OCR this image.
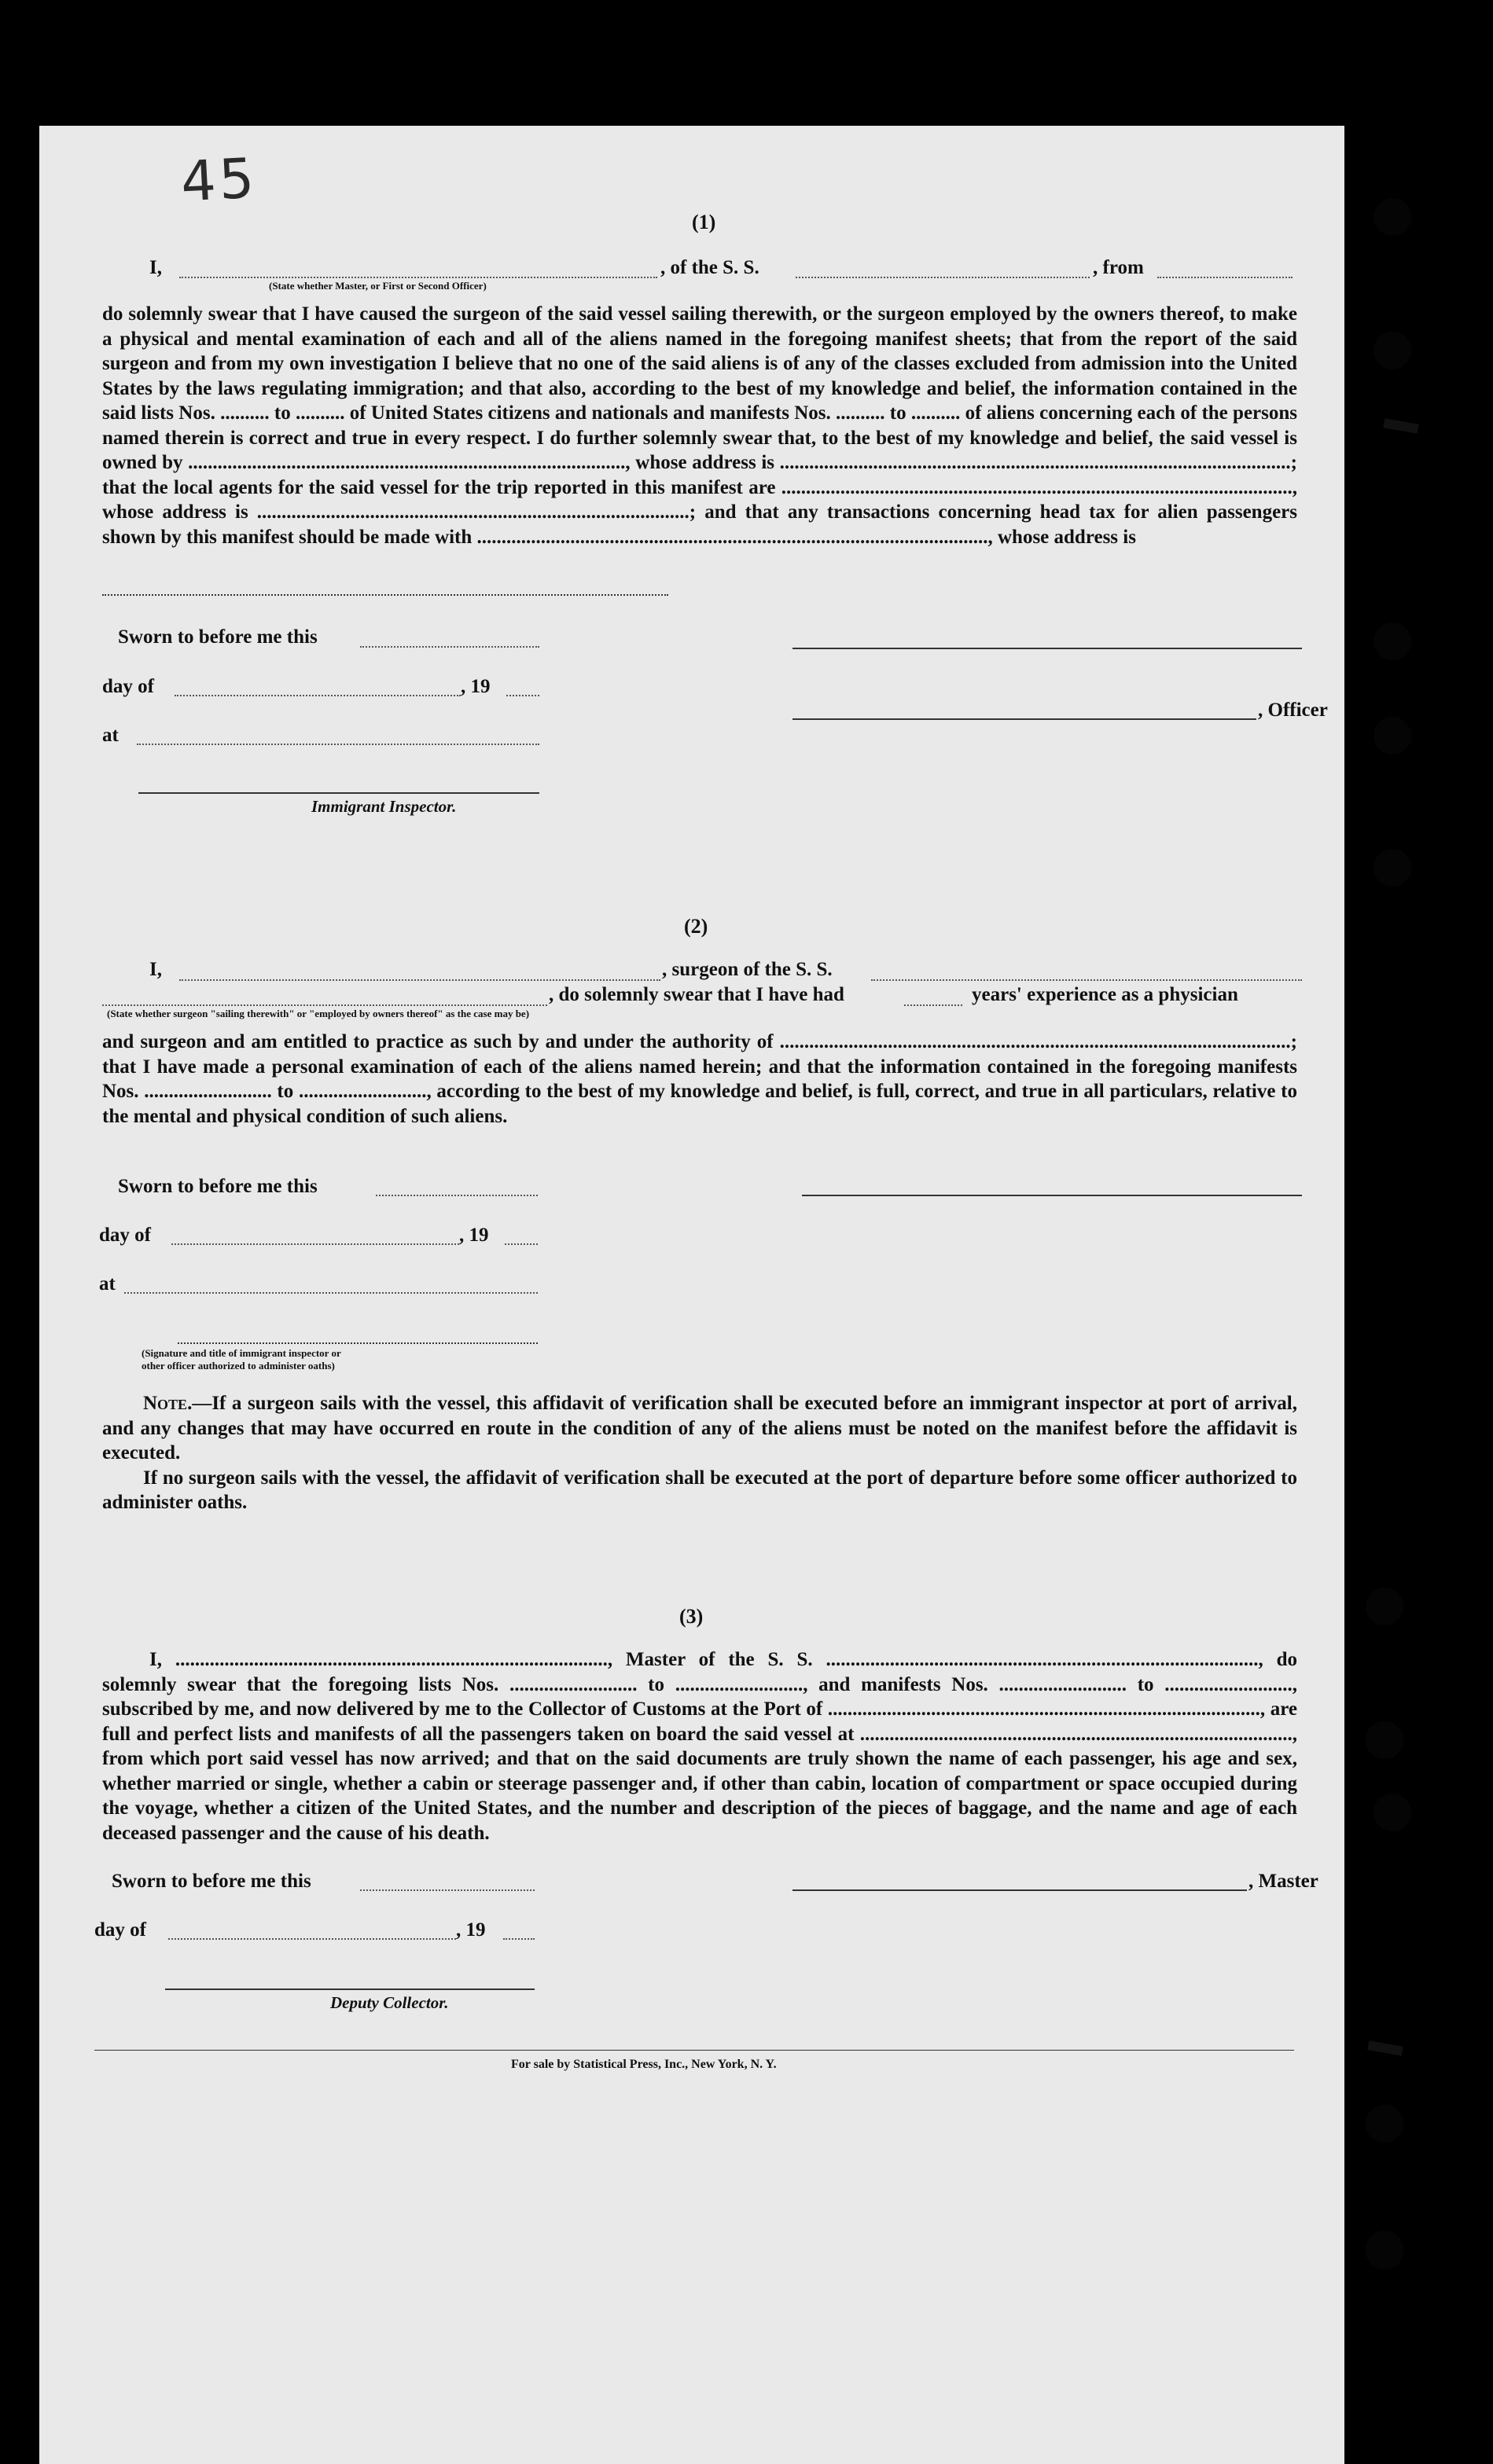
45
(1)
I,	, of the S. S.	, from
(State whether Master, or First or Second Officer)

do solemnly swear that I have caused the surgeon of the said vessel sailing therewith, or the surgeon employed by the owners thereof, to make a physical and mental examination of each and all of the aliens named in the foregoing manifest sheets; that from the report of the said surgeon and from my own investigation I believe that no one of the said aliens is of any of the classes excluded from admission into the United States by the laws regulating immigration; and that also, according to the best of my knowledge and belief, the information contained in the said lists Nos. .......... to .......... of United States citizens and nationals and manifests Nos. .......... to .......... of aliens concerning each of the persons named therein is correct and true in every respect. I do further solemnly swear that, to the best of my knowledge and belief, the said vessel is owned by ........................................................................................., whose address is ........................................................................................................; that the local agents for the said vessel for the trip reported in this manifest are ........................................................................................................, whose address is ........................................................................................; and that any transactions concerning head tax for alien passengers shown by this manifest should be made with ........................................................................................................, whose address is

Sworn to before me this
day of	, 19
, Officer
at
Immigrant Inspector.
(2)
I,	, surgeon of the S. S.
, do solemnly swear that I have had	years' experience as a physician
(State whether surgeon "sailing therewith" or "employed by owners thereof" as the case may be)

and surgeon and am entitled to practice as such by and under the authority of ........................................................................................................; that I have made a personal examination of each of the aliens named herein; and that the information contained in the foregoing manifests Nos. .......................... to .........................., according to the best of my knowledge and belief, is full, correct, and true in all particulars, relative to the mental and physical condition of such aliens.

Sworn to before me this
day of	, 19
at
(Signature and title of immigrant inspector or
other officer authorized to administer oaths)

Note.—If a surgeon sails with the vessel, this affidavit of verification shall be executed before an immigrant inspector at port of arrival, and any changes that may have occurred en route in the condition of any of the aliens must be noted on the manifest before the affidavit is executed.

If no surgeon sails with the vessel, the affidavit of verification shall be executed at the port of departure before some officer authorized to administer oaths.

(3)

I, ........................................................................................, Master of the S. S. ........................................................................................, do solemnly swear that the foregoing lists Nos. .......................... to .........................., and manifests Nos. .......................... to .........................., subscribed by me, and now delivered by me to the Collector of Customs at the Port of ........................................................................................, are full and perfect lists and manifests of all the passengers taken on board the said vessel at ........................................................................................, from which port said vessel has now arrived; and that on the said documents are truly shown the name of each passenger, his age and sex, whether married or single, whether a cabin or steerage passenger and, if other than cabin, location of compartment or space occupied during the voyage, whether a citizen of the United States, and the number and description of the pieces of baggage, and the name and age of each deceased passenger and the cause of his death.

Sworn to before me this	, Master
day of	, 19
Deputy Collector.
For sale by Statistical Press, Inc., New York, N. Y.
